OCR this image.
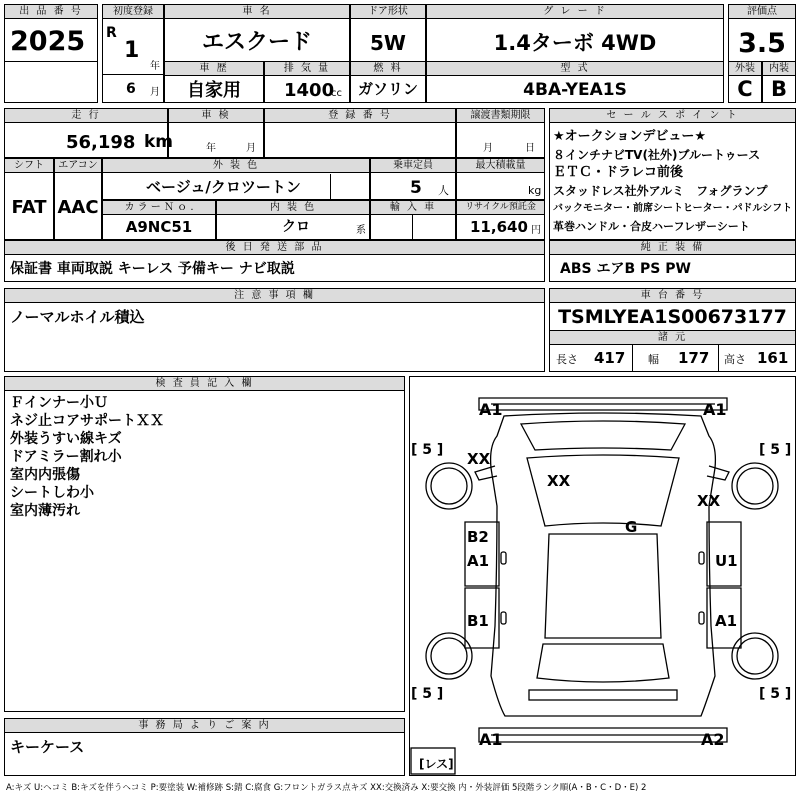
出 品 番 号
2025
初度登録
R
1
年
6 月
車 名
エスクード
ドア形状
5W
グ レ ー ド
1.4ターボ 4WD
評価点
3.5
車 歴
自家用
排 気 量
1400
cc
燃 料
ガソリン
型 式
4BA-YEA1S
外装
C
内装
B
走 行
56,198 km
車 検
年	月
登 録 番 号	譲渡書類期限
月	日
セ ー ル ス ポ イ ン ト
★オークションデビュー★
８インチナビTV(社外)ブルートゥース
ＥＴＣ・ドラレコ前後
スタッドレス社外アルミ　フォグランプ
バックモニター・前席シートヒーター・パドルシフト
革巻ハンドル・合皮ハーフレザーシート
シフト
FAT
エアコン
AAC
外 装 色
ベージュ/クロツートン
乗車定員
5 人
最大積載量
kg
カ ラ ー Ｎ ｏ .
A9NC51
内 装 色
クロ	系
輸 入 車	リサイクル預託金
11,640 円
後 日 発 送 部 品
保証書 車両取説 キーレス 予備キー ナビ取説
純 正 装 備
ABS エアB PS PW
注 意 事 項 欄
ノーマルホイル積込
車 台 番 号
TSMLYEA1S00673177
諸 元
長さ 417 幅 177 高さ 161
検 査 員 記 入 欄
Ｆインナー小Ｕ
ネジ止コアサポートＸＸ
外装うすい線キズ
ドアミラー割れ小
室内内張傷
シートしわ小
室内薄汚れ
事 務 局 よ り ご 案 内
キーケース
A1	A1
A1	A2
[ 5 ]	[ 5 ]
[ 5 ]	[ 5 ]
XX
XX
XX
G
B2
A1	U1
B1	A1
[レス]
A:キズ U:ヘコミ B:キズを伴うヘコミ P:要塗装 W:補修跡 S:錆 C:腐食 G:フロントガラス点キズ XX:交換済み X:要交換 内・外装評価 5段階ランク順(A・B・C・D・E) 2
